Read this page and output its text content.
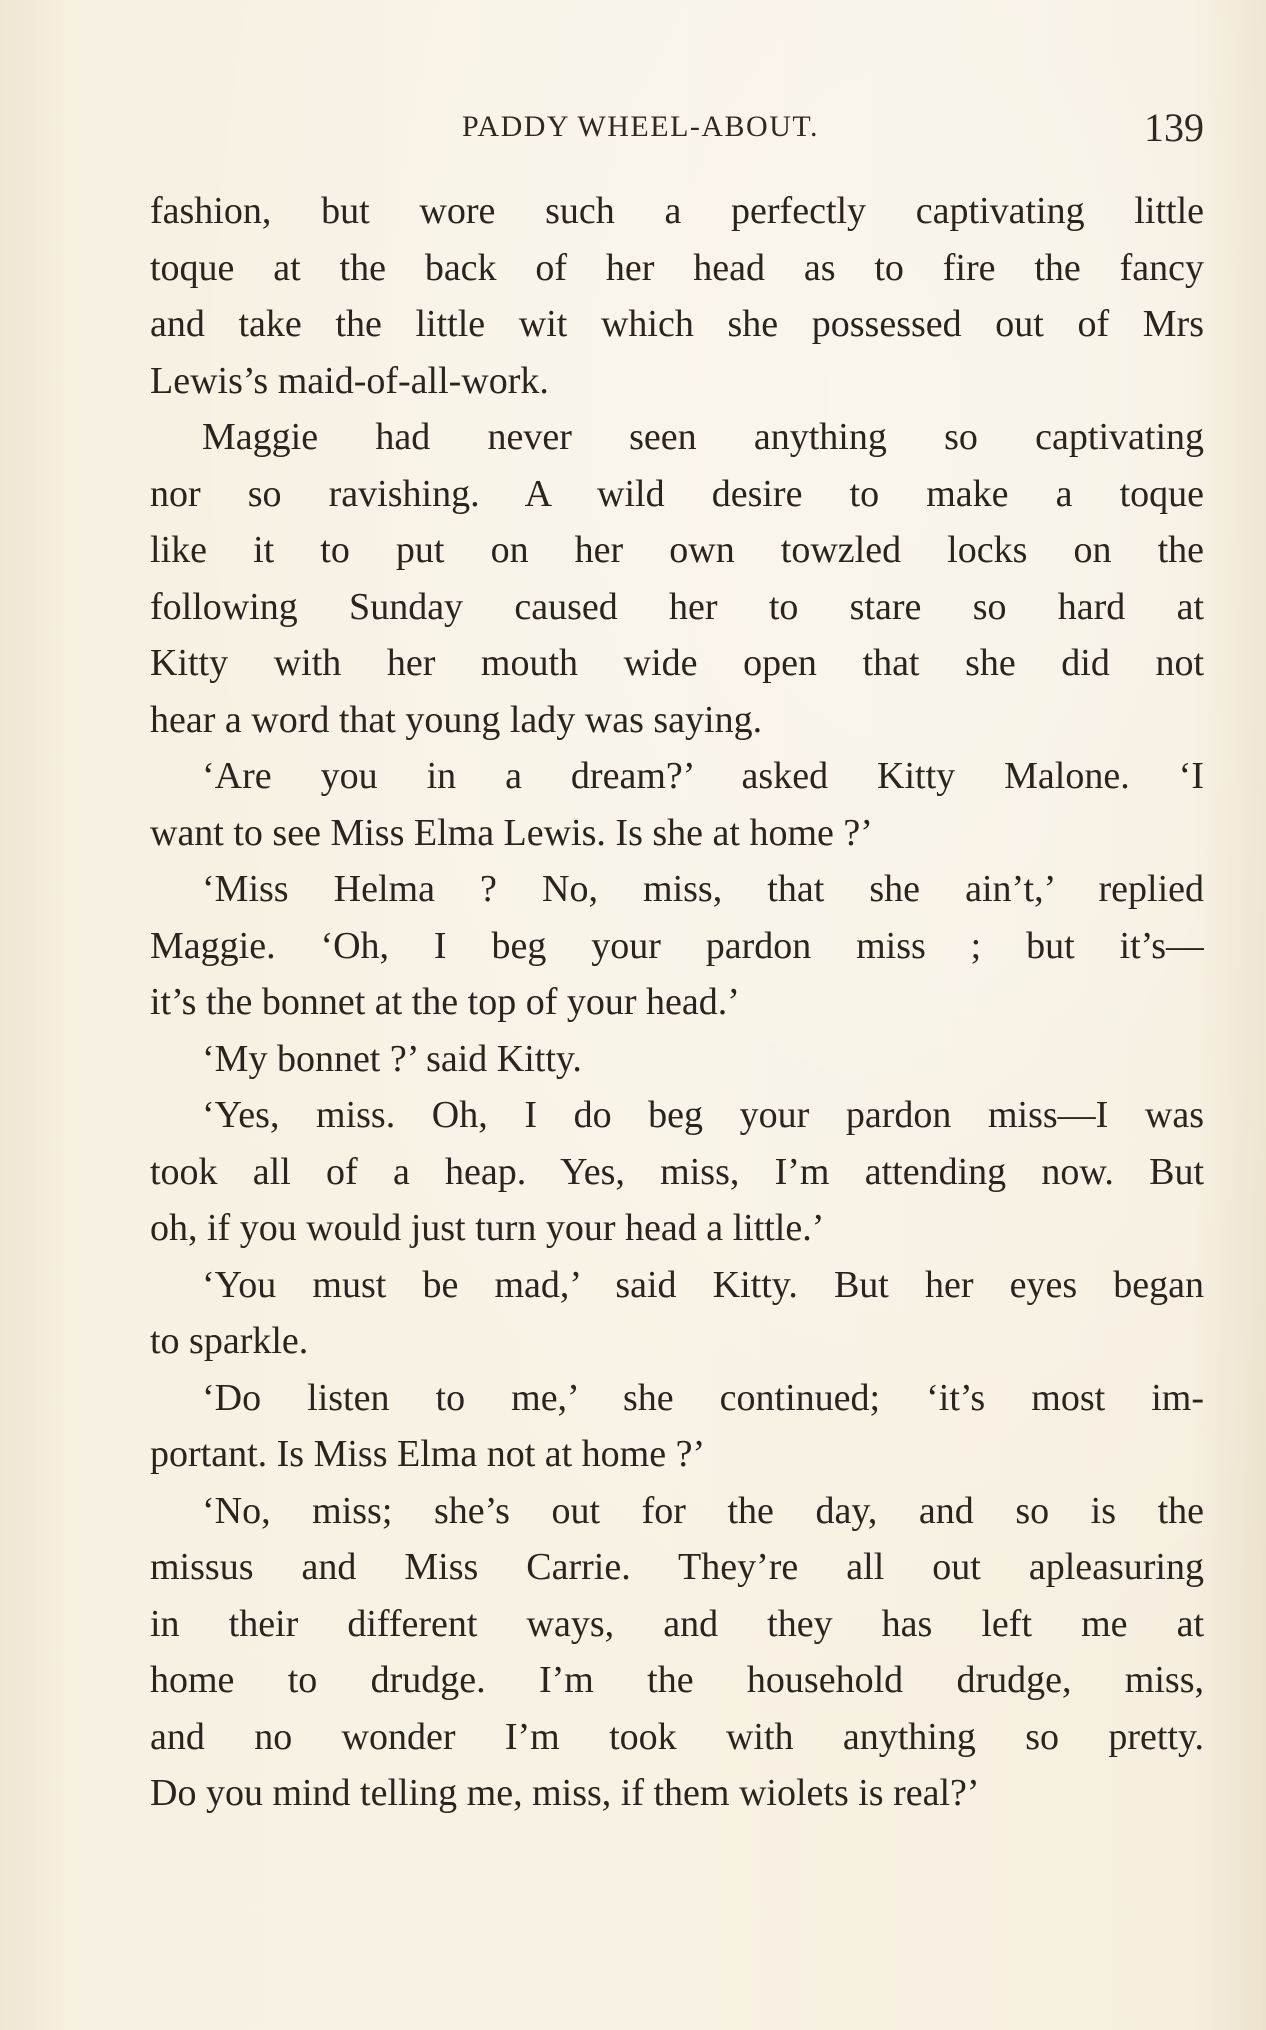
PADDY WHEEL-ABOUT.	139
fashion, but wore such a perfectly captivating little
toque at the back of her head as to fire the fancy
and take the little wit which she possessed out of Mrs
Lewis’s maid-of-all-work.
Maggie had never seen anything so captivating
nor so ravishing. A wild desire to make a toque
like it to put on her own towzled locks on the
following Sunday caused her to stare so hard at
Kitty with her mouth wide open that she did not
hear a word that young lady was saying.
‘Are you in a dream?’ asked Kitty Malone. ‘I
want to see Miss Elma Lewis. Is she at home ?’
‘Miss Helma ? No, miss, that she ain’t,’ replied
Maggie. ‘Oh, I beg your pardon miss ; but it’s—
it’s the bonnet at the top of your head.’
‘My bonnet ?’ said Kitty.
‘Yes, miss. Oh, I do beg your pardon miss—I was
took all of a heap. Yes, miss, I’m attending now. But
oh, if you would just turn your head a little.’
‘You must be mad,’ said Kitty. But her eyes began
to sparkle.
‘Do listen to me,’ she continued; ‘it’s most im-
portant. Is Miss Elma not at home ?’
‘No, miss; she’s out for the day, and so is the
missus and Miss Carrie. They’re all out apleasuring
in their different ways, and they has left me at
home to drudge. I’m the household drudge, miss,
and no wonder I’m took with anything so pretty.
Do you mind telling me, miss, if them wiolets is real?’
